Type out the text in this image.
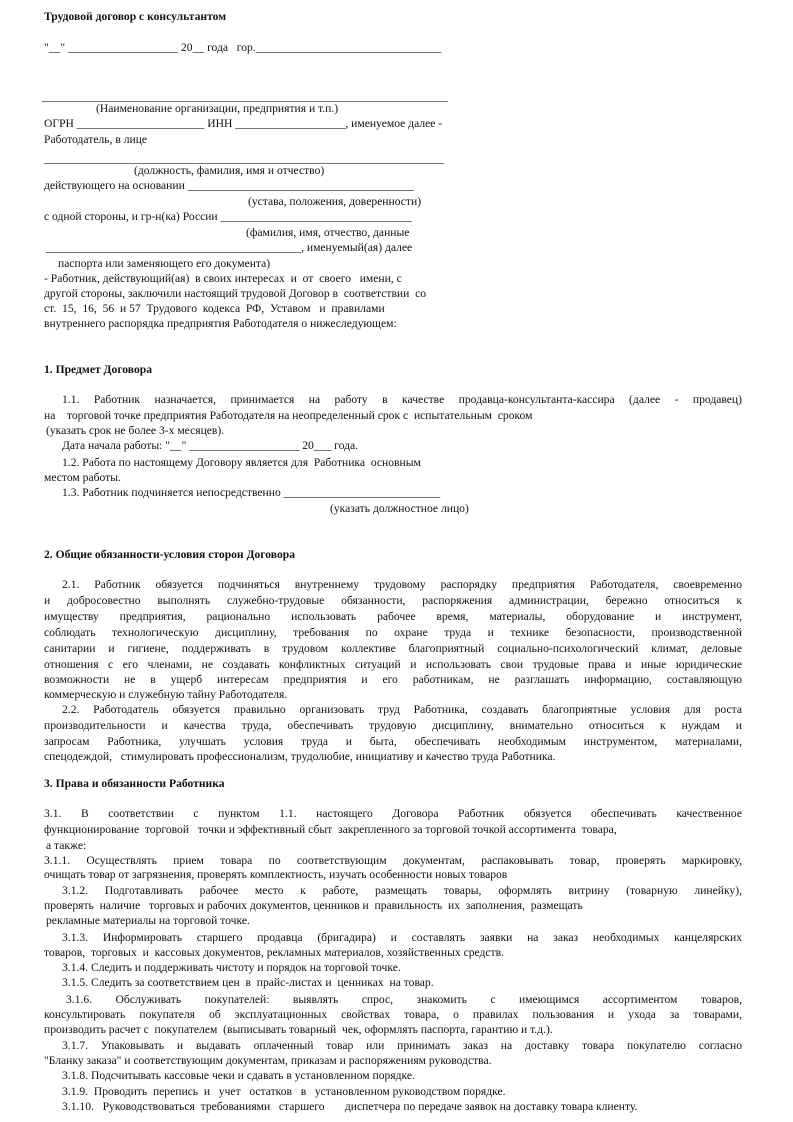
Трудовой договор с консультантом
"__" ___________________ 20__ года   гор.________________________________
______________________________________________________________________
(Наименование организации, предприятия и т.п.)
ОГРН ______________________ ИНН ___________________, именуемое далее -
Работодатель, в лице
_____________________________________________________________________
(должность, фамилия, имя и отчество)
действующего на основании _______________________________________
(устава, положения, доверенности)
с одной стороны, и гр-н(ка) России _________________________________
(фамилия, имя, отчество, данные
____________________________________________, именуемый(ая) далее
паспорта или заменяющего его документа)
- Работник, действующий(ая)  в своих интересах  и  от  своего   имени, с
другой стороны, заключили настоящий трудовой Договор в  соответствии  со
ст.  15,  16,  56  и 57  Трудового  кодекса  РФ,  Уставом   и  правилами
внутреннего распорядка предприятия Работодателя о нижеследующем:
1. Предмет Договора
1.1. Работник назначается, принимается на работу в качестве продавца-консультанта-кассира (далее - продавец)
на    торговой точке предприятия Работодателя на неопределенный срок с  испытательным  сроком
(указать срок не более 3-х месяцев).
Дата начала работы: "__" ___________________ 20___ года.
1.2. Работа по настоящему Договору является для  Работника  основным
местом работы.
1.3. Работник подчиняется непосредственно ___________________________
(указать должностное лицо)
2. Общие обязанности-условия сторон Договора
2.1. Работник обязуется подчиняться внутреннему трудовому распорядку предприятия Работодателя, своевременно
и добросовестно выполнять служебно-трудовые обязанности, распоряжения администрации, бережно относиться к
имуществу предприятия, рационально использовать рабочее время, материалы, оборудование и инструмент,
соблюдать технологическую дисциплину, требования по охране труда и технике безопасности, производственной
санитарии и гигиене, поддерживать в трудовом коллективе благоприятный социально-психологический климат, деловые
отношения с его членами, не создавать конфликтных ситуаций и использовать свои трудовые права и иные юридические
возможности не в ущерб интересам предприятия и его работникам, не разглашать информацию, составляющую
коммерческую и служебную тайну Работодателя.
2.2. Работодатель обязуется правильно организовать труд Работника, создавать благоприятные условия для роста
производительности и качества труда, обеспечивать трудовую дисциплину, внимательно относиться к нуждам и
запросам Работника, улучшать условия труда и быта, обеспечивать необходимым инструментом, материалами,
спецодеждой,   стимулировать профессионализм, трудолюбие, инициативу и качество труда Работника.
3. Права и обязанности Работника
3.1. В соответствии с пунктом 1.1. настоящего Договора Работник обязуется обеспечивать качественное
функционирование  торговой   точки и эффективный сбыт  закрепленного за торговой точкой ассортимента  товара,
а также:
3.1.1. Осуществлять прием товара по соответствующим документам, распаковывать товар, проверять маркировку,
очищать товар от загрязнения, проверять комплектность, изучать особенности новых товаров
3.1.2. Подготавливать рабочее место к работе, размещать товары, оформлять витрину (товарную линейку),
проверять  наличие   торговых и рабочих документов, ценников и  правильность  их  заполнения,  размещать
рекламные материалы на торговой точке.
3.1.3. Информировать старшего продавца (бригадира) и составлять заявки на заказ необходимых канцелярских
товаров,  торговых  и  кассовых документов, рекламных материалов, хозяйственных средств.
3.1.4. Следить и поддерживать чистоту и порядок на торговой точке.
3.1.5. Следить за соответствием цен  в  прайс-листах и  ценниках  на товар.
3.1.6. Обслуживать покупателей: выявлять спрос, знакомить с имеющимся ассортиментом товаров,
консультировать покупателя об эксплуатационных свойствах товара, о правилах пользования и ухода за товарами,
производить расчет с  покупателем  (выписывать товарный  чек, оформлять паспорта, гарантию и т.д.).
3.1.7. Упаковывать и выдавать оплаченный товар или принимать заказ на доставку товара покупателю согласно
"Бланку заказа" и соответствующим документам, приказам и распоряжениям руководства.
3.1.8. Подсчитывать кассовые чеки и сдавать в установленном порядке.
3.1.9.  Проводить  перепись  и   учет   остатков   в   установленном руководством порядке.
3.1.10.   Руководствоваться  требованиями   старшего       диспетчера по передаче заявок на доставку товара клиенту.
